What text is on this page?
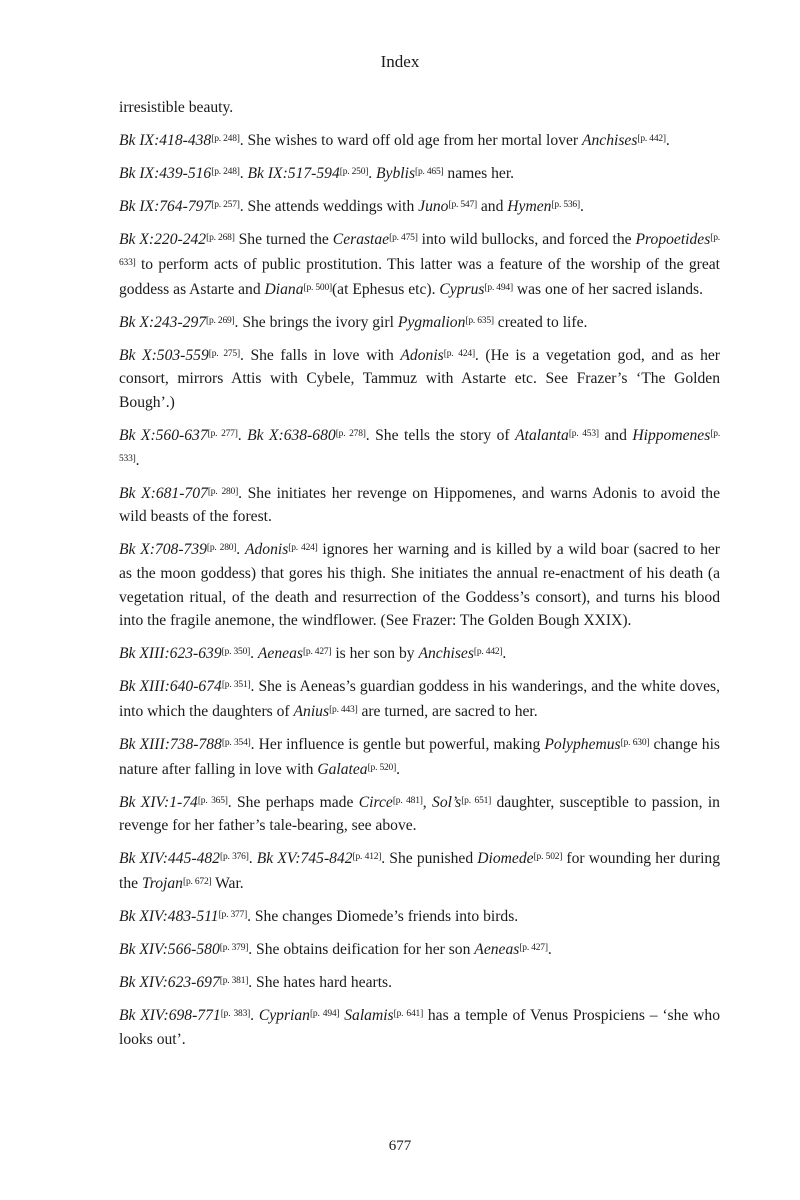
Index

irresistible beauty.

Bk IX:418-438[p. 248]. She wishes to ward off old age from her mortal lover Anchises[p. 442].

Bk IX:439-516[p. 248]. Bk IX:517-594[p. 250]. Byblis[p. 465] names her.

Bk IX:764-797[p. 257]. She attends weddings with Juno[p. 547] and Hymen[p. 536].

Bk X:220-242[p. 268] She turned the Cerastae[p. 475] into wild bullocks, and forced the Propoetides[p. 633] to perform acts of public prostitution. This latter was a feature of the worship of the great goddess as Astarte and Diana[p. 500](at Ephesus etc). Cyprus[p. 494] was one of her sacred islands.

Bk X:243-297[p. 269]. She brings the ivory girl Pygmalion[p. 635] created to life.

Bk X:503-559[p. 275]. She falls in love with Adonis[p. 424]. (He is a vegetation god, and as her consort, mirrors Attis with Cybele, Tammuz with Astarte etc. See Frazer’s ‘The Golden Bough’.)

Bk X:560-637[p. 277]. Bk X:638-680[p. 278]. She tells the story of Atalanta[p. 453] and Hippomenes[p. 533].

Bk X:681-707[p. 280]. She initiates her revenge on Hippomenes, and warns Adonis to avoid the wild beasts of the forest.

Bk X:708-739[p. 280]. Adonis[p. 424] ignores her warning and is killed by a wild boar (sacred to her as the moon goddess) that gores his thigh. She initiates the annual re-enactment of his death (a vegetation ritual, of the death and resurrection of the Goddess’s consort), and turns his blood into the fragile anemone, the windflower. (See Frazer: The Golden Bough XXIX).

Bk XIII:623-639[p. 350]. Aeneas[p. 427] is her son by Anchises[p. 442].

Bk XIII:640-674[p. 351]. She is Aeneas’s guardian goddess in his wanderings, and the white doves, into which the daughters of Anius[p. 443] are turned, are sacred to her.

Bk XIII:738-788[p. 354]. Her influence is gentle but powerful, making Polyphemus[p. 630] change his nature after falling in love with Galatea[p. 520].

Bk XIV:1-74[p. 365]. She perhaps made Circe[p. 481], Sol’s[p. 651] daughter, susceptible to passion, in revenge for her father’s tale-bearing, see above.

Bk XIV:445-482[p. 376]. Bk XV:745-842[p. 412]. She punished Diomede[p. 502] for wounding her during the Trojan[p. 672] War.

Bk XIV:483-511[p. 377]. She changes Diomede’s friends into birds.

Bk XIV:566-580[p. 379]. She obtains deification for her son Aeneas[p. 427].

Bk XIV:623-697[p. 381]. She hates hard hearts.

Bk XIV:698-771[p. 383]. Cyprian[p. 494] Salamis[p. 641] has a temple of Venus Prospiciens – ‘she who looks out’.

677
